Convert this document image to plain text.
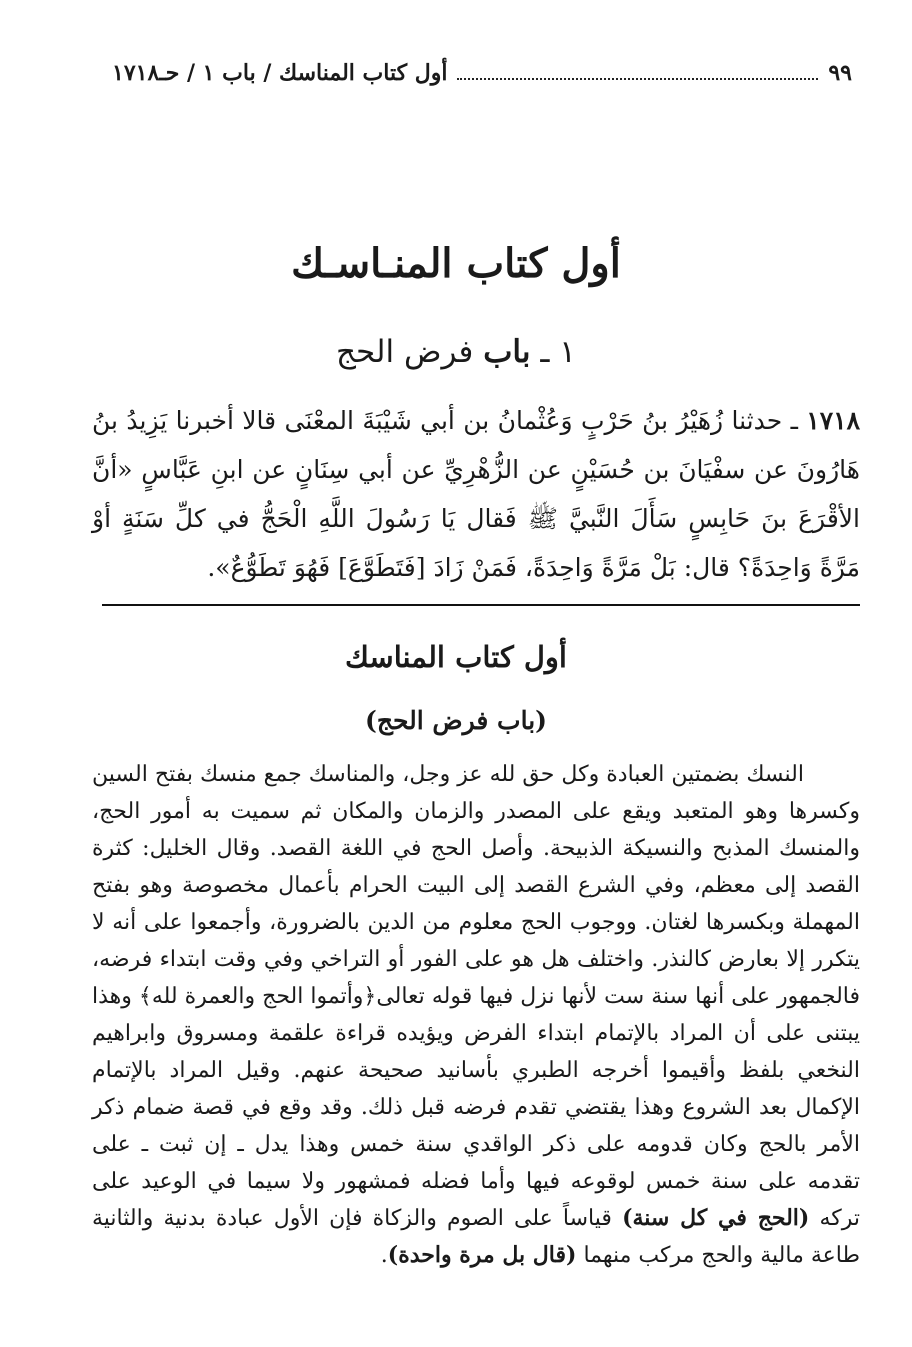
أول كتاب المناسك / باب ١ / حـ١٧١٨	٩٩
أول كتاب المنـاسـك
١ ـ باب فرض الحج
١٧١٨ ـ حدثنا زُهَيْرُ بنُ حَرْبٍ وَعُثْمانُ بن أبي شَيْبَةَ المعْنَى قالا أخبرنا يَزِيدُ بنُ هَارُونَ عن سفْيَانَ بن حُسَيْنٍ عن الزُّهْرِيِّ عن أبي سِنَانٍ عن ابنِ عَبَّاسٍ «أنَّ الأقْرَعَ بنَ حَابِسٍ سَأَلَ النَّبيَّ ﷺ فَقال يَا رَسُولَ اللَّهِ الْحَجُّ في كلِّ سَنَةٍ أوْ مَرَّةً وَاحِدَةً؟ قال: بَلْ مَرَّةً وَاحِدَةً، فَمَنْ زَادَ [فَتَطَوَّعَ] فَهُوَ تَطَوُّعٌ».
أول كتاب المناسك
(باب فرض الحج)
النسك بضمتين العبادة وكل حق لله عز وجل، والمناسك جمع منسك بفتح السين وكسرها وهو المتعبد ويقع على المصدر والزمان والمكان ثم سميت به أمور الحج، والمنسك المذبح والنسيكة الذبيحة. وأصل الحج في اللغة القصد. وقال الخليل: كثرة القصد إلى معظم، وفي الشرع القصد إلى البيت الحرام بأعمال مخصوصة وهو بفتح المهملة وبكسرها لغتان. ووجوب الحج معلوم من الدين بالضرورة، وأجمعوا على أنه لا يتكرر إلا بعارض كالنذر. واختلف هل هو على الفور أو التراخي وفي وقت ابتداء فرضه، فالجمهور على أنها سنة ست لأنها نزل فيها قوله تعالى﴿وأتموا الحج والعمرة لله﴾ وهذا يبتنى على أن المراد بالإتمام ابتداء الفرض ويؤيده قراءة علقمة ومسروق وابراهيم النخعي بلفظ وأقيموا أخرجه الطبري بأسانيد صحيحة عنهم. وقيل المراد بالإتمام الإكمال بعد الشروع وهذا يقتضي تقدم فرضه قبل ذلك. وقد وقع في قصة ضمام ذكر الأمر بالحج وكان قدومه على ذكر الواقدي سنة خمس وهذا يدل ـ إن ثبت ـ على تقدمه على سنة خمس لوقوعه فيها وأما فضله فمشهور ولا سيما في الوعيد على تركه (الحج في كل سنة) قياساً على الصوم والزكاة فإن الأول عبادة بدنية والثانية طاعة مالية والحج مركب منهما (قال بل مرة واحدة).
